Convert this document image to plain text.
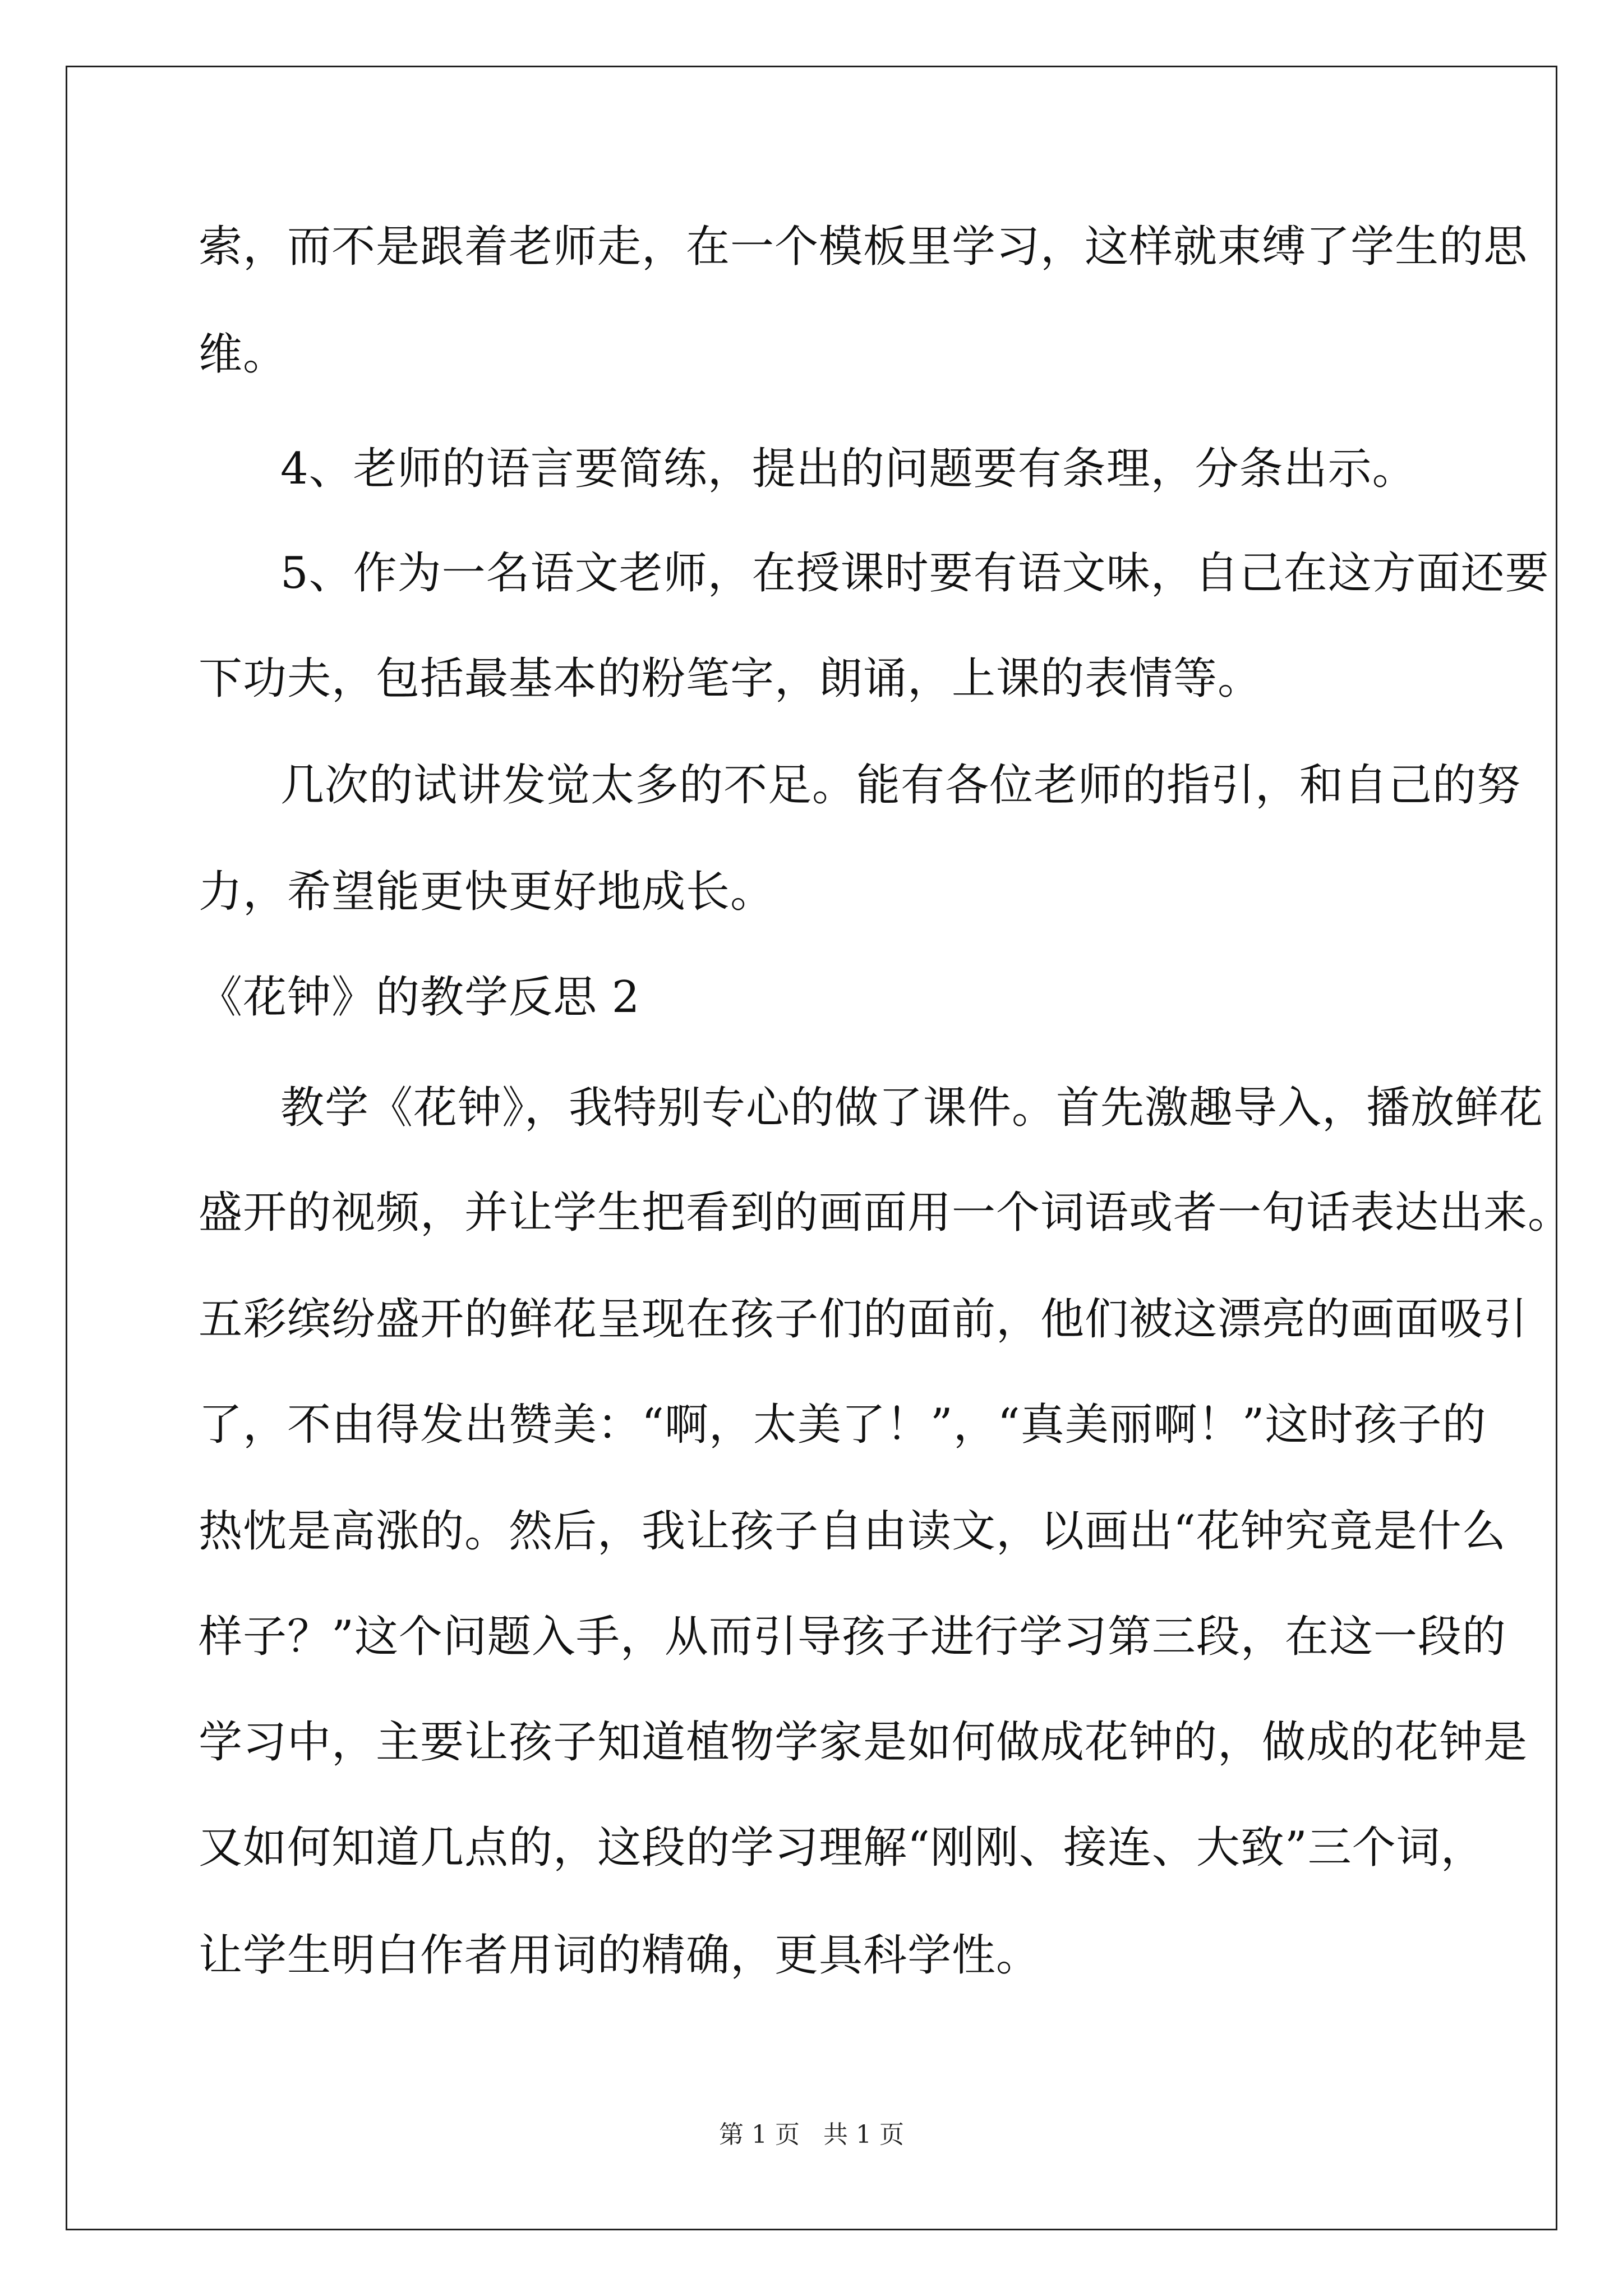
索，而不是跟着老师走，在一个模板里学习，这样就束缚了学生的思

维。

4、老师的语言要简练，提出的问题要有条理，分条出示。

5、作为一名语文老师，在授课时要有语文味，自己在这方面还要

下功夫，包括最基本的粉笔字，朗诵，上课的表情等。

几次的试讲发觉太多的不足。能有各位老师的指引，和自己的努

力，希望能更快更好地成长。

《花钟》的教学反思 2

教学《花钟》，我特别专心的做了课件。首先激趣导入，播放鲜花

盛开的视频，并让学生把看到的画面用一个词语或者一句话表达出来。

五彩缤纷盛开的鲜花呈现在孩子们的面前，他们被这漂亮的画面吸引

了，不由得发出赞美：“啊，太美了！”，“真美丽啊！”这时孩子的

热忱是高涨的。然后，我让孩子自由读文，以画出“花钟究竟是什么

样子？”这个问题入手，从而引导孩子进行学习第三段，在这一段的

学习中，主要让孩子知道植物学家是如何做成花钟的，做成的花钟是

又如何知道几点的，这段的学习理解“刚刚、接连、大致”三个词，

让学生明白作者用词的精确，更具科学性。

第 1 页   共 1 页
